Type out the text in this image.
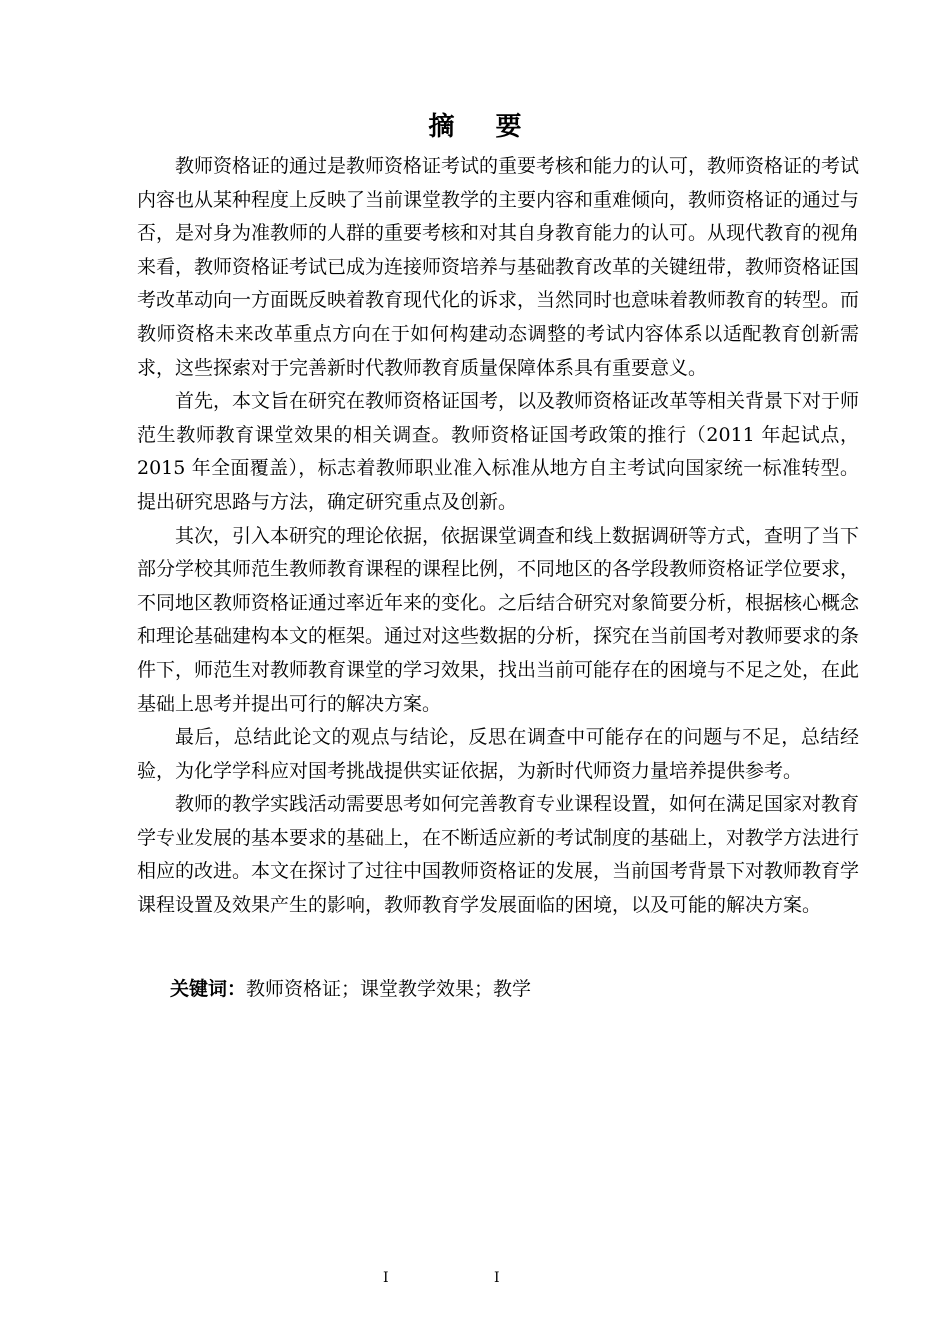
摘 要

教师资格证的通过是教师资格证考试的重要考核和能力的认可，教师资格证的考试内容也从某种程度上反映了当前课堂教学的主要内容和重难倾向，教师资格证的通过与否，是对身为准教师的人群的重要考核和对其自身教育能力的认可。从现代教育的视角来看，教师资格证考试已成为连接师资培养与基础教育改革的关键纽带，教师资格证国考改革动向一方面既反映着教育现代化的诉求，当然同时也意味着教师教育的转型。而教师资格未来改革重点方向在于如何构建动态调整的考试内容体系以适配教育创新需求，这些探索对于完善新时代教师教育质量保障体系具有重要意义。

首先，本文旨在研究在教师资格证国考，以及教师资格证改革等相关背景下对于师范生教师教育课堂效果的相关调查。教师资格证国考政策的推行（2011 年起试点，2015 年全面覆盖），标志着教师职业准入标准从地方自主考试向国家统一标准转型。提出研究思路与方法，确定研究重点及创新。

其次，引入本研究的理论依据，依据课堂调查和线上数据调研等方式，查明了当下部分学校其师范生教师教育课程的课程比例，不同地区的各学段教师资格证学位要求，不同地区教师资格证通过率近年来的变化。之后结合研究对象简要分析，根据核心概念和理论基础建构本文的框架。通过对这些数据的分析，探究在当前国考对教师要求的条件下，师范生对教师教育课堂的学习效果，找出当前可能存在的困境与不足之处，在此基础上思考并提出可行的解决方案。

最后，总结此论文的观点与结论，反思在调查中可能存在的问题与不足，总结经验，为化学学科应对国考挑战提供实证依据，为新时代师资力量培养提供参考。

教师的教学实践活动需要思考如何完善教育专业课程设置，如何在满足国家对教育学专业发展的基本要求的基础上，在不断适应新的考试制度的基础上，对教学方法进行相应的改进。本文在探讨了过往中国教师资格证的发展，当前国考背景下对教师教育学课程设置及效果产生的影响，教师教育学发展面临的困境，以及可能的解决方案。

关键词：教师资格证；课堂教学效果；教学
I	I
